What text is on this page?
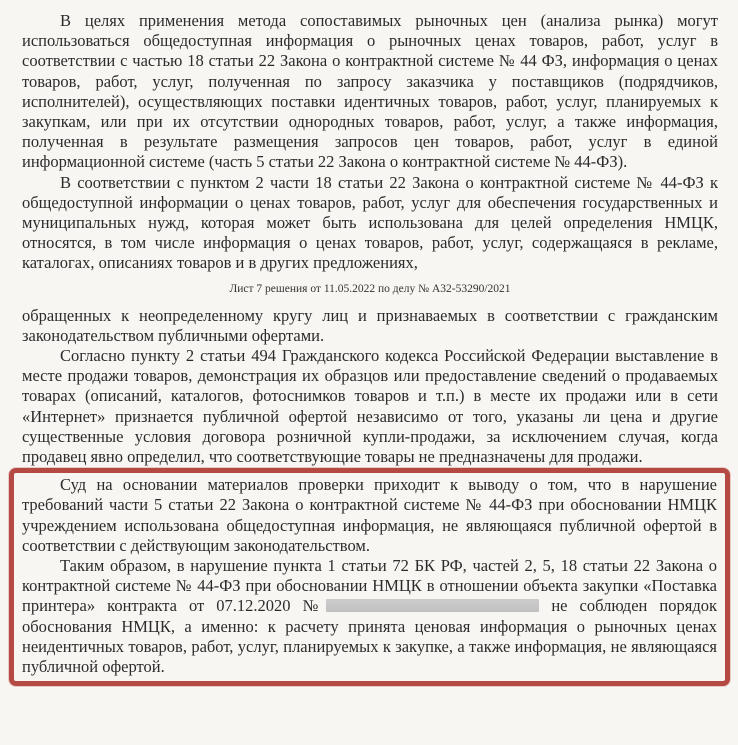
В целях применения метода сопоставимых рыночных цен (анализа рынка) могут использоваться общедоступная информация о рыночных ценах товаров, работ, услуг в соответствии с частью 18 статьи 22 Закона о контрактной системе № 44 ФЗ, информация о ценах товаров, работ, услуг, полученная по запросу заказчика у поставщиков (подрядчиков, исполнителей), осуществляющих поставки идентичных товаров, работ, услуг, планируемых к закупкам, или при их отсутствии однородных товаров, работ, услуг, а также информация, полученная в результате размещения запросов цен товаров, работ, услуг в единой информационной системе (часть 5 статьи 22 Закона о контрактной системе № 44-ФЗ).

В соответствии с пунктом 2 части 18 статьи 22 Закона о контрактной системе № 44-ФЗ к общедоступной информации о ценах товаров, работ, услуг для обеспечения государственных и муниципальных нужд, которая может быть использована для целей определения НМЦК, относятся, в том числе информация о ценах товаров, работ, услуг, содержащаяся в рекламе, каталогах, описаниях товаров и в других предложениях,

Лист 7 решения от 11.05.2022 по делу № А32-53290/2021

обращенных к неопределенному кругу лиц и признаваемых в соответствии с гражданским законодательством публичными офертами.

Согласно пункту 2 статьи 494 Гражданского кодекса Российской Федерации выставление в месте продажи товаров, демонстрация их образцов или предоставление сведений о продаваемых товарах (описаний, каталогов, фотоснимков товаров и т.п.) в месте их продажи или в сети «Интернет» признается публичной офертой независимо от того, указаны ли цена и другие существенные условия договора розничной купли-продажи, за исключением случая, когда продавец явно определил, что соответствующие товары не предназначены для продажи.

Суд на основании материалов проверки приходит к выводу о том, что в нарушение требований части 5 статьи 22 Закона о контрактной системе № 44-ФЗ при обосновании НМЦК учреждением использована общедоступная информация, не являющаяся публичной офертой в соответствии с действующим законодательством.

Таким образом, в нарушение пункта 1 статьи 72 БК РФ, частей 2, 5, 18 статьи 22 Закона о контрактной системе № 44-ФЗ при обосновании НМЦК в отношении объекта закупки «Поставка принтера» контракта от 07.12.2020 №	не соблюден порядок обоснования НМЦК, а именно: к расчету принята ценовая информация о рыночных ценах неидентичных товаров, работ, услуг, планируемых к закупке, а также информация, не являющаяся публичной офертой.
